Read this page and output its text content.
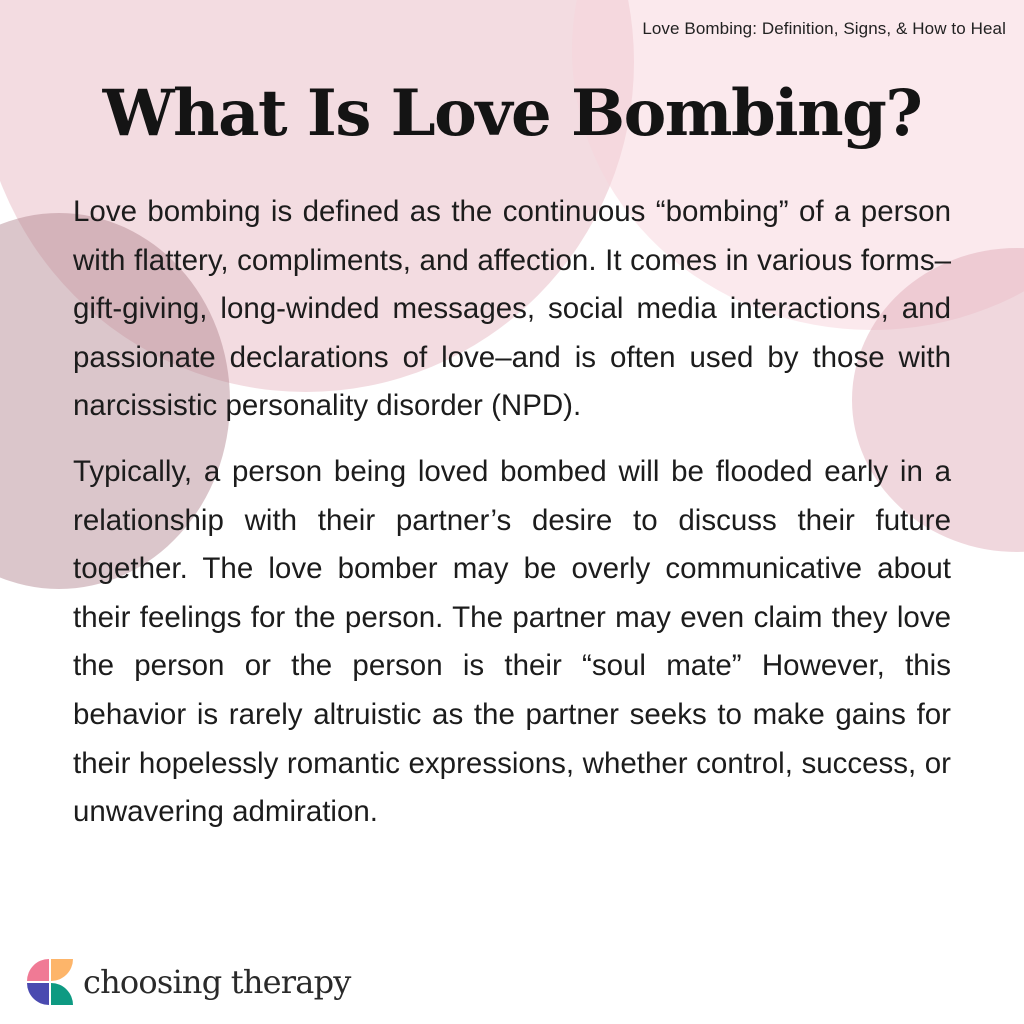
Love Bombing: Definition, Signs, & How to Heal
What Is Love Bombing?

Love bombing is defined as the continuous “bombing” of a person with flattery, compliments, and affection. It comes in various forms– gift-giving, long-winded messages, social media interactions, and passionate declarations of love–and is often used by those with narcissistic personality disorder (NPD).

Typically, a person being loved bombed will be flooded early in a relationship with their partner’s desire to discuss their future together. The love bomber may be overly communicative about their feelings for the person. The partner may even claim they love the person or the person is their “soul mate” However, this behavior is rarely altruistic as the partner seeks to make gains for their hopelessly romantic expressions, whether control, success, or unwavering admiration.

choosing therapy
